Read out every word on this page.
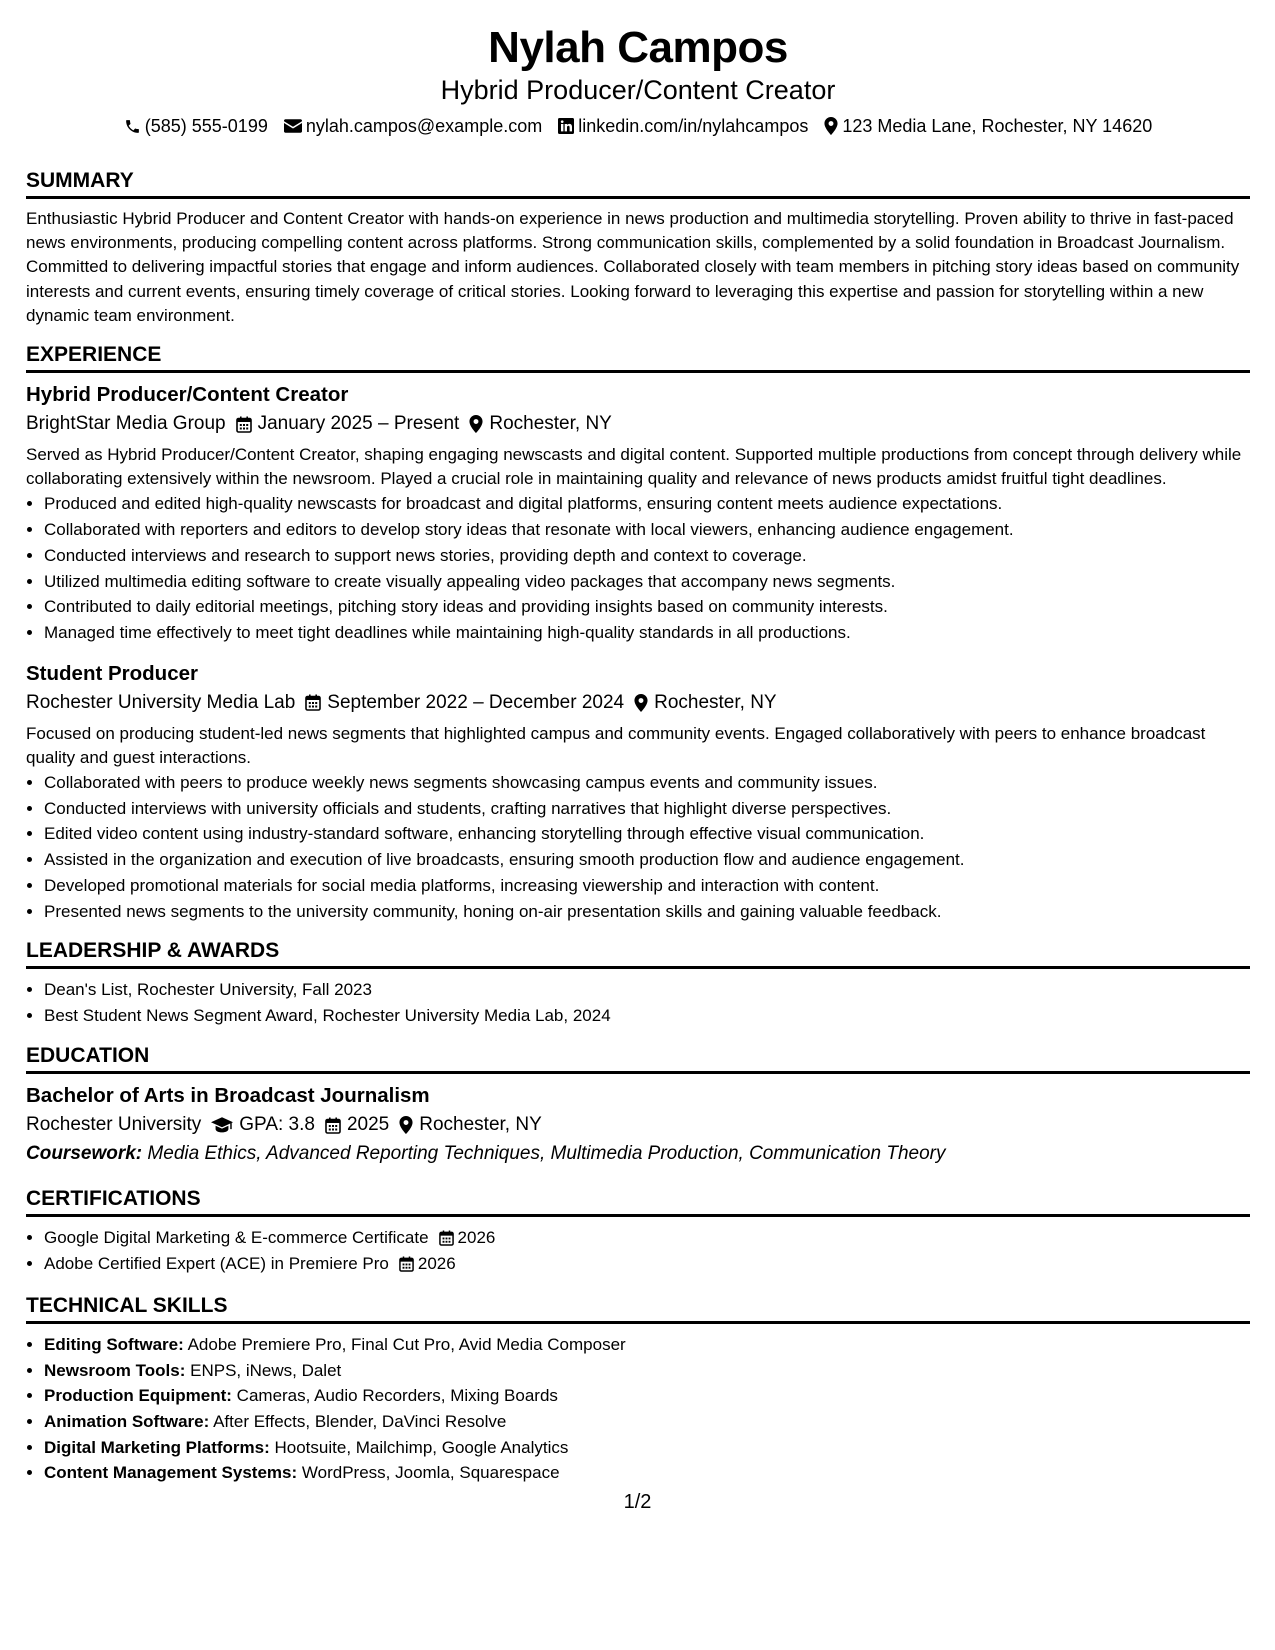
Nylah Campos
Hybrid Producer/Content Creator
(585) 555-0199 nylah.campos@example.com linkedin.com/in/nylahcampos 123 Media Lane, Rochester, NY 14620
SUMMARY
Enthusiastic Hybrid Producer and Content Creator with hands-on experience in news production and multimedia storytelling. Proven ability to thrive in fast-paced news environments, producing compelling content across platforms. Strong communication skills, complemented by a solid foundation in Broadcast Journalism. Committed to delivering impactful stories that engage and inform audiences. Collaborated closely with team members in pitching story ideas based on community interests and current events, ensuring timely coverage of critical stories. Looking forward to leveraging this expertise and passion for storytelling within a new dynamic team environment.
EXPERIENCE
Hybrid Producer/Content Creator
BrightStar Media Group January 2025 – Present Rochester, NY
Served as Hybrid Producer/Content Creator, shaping engaging newscasts and digital content. Supported multiple productions from concept through delivery while collaborating extensively within the newsroom. Played a crucial role in maintaining quality and relevance of news products amidst fruitful tight deadlines.
• Produced and edited high-quality newscasts for broadcast and digital platforms, ensuring content meets audience expectations.
• Collaborated with reporters and editors to develop story ideas that resonate with local viewers, enhancing audience engagement.
• Conducted interviews and research to support news stories, providing depth and context to coverage.
• Utilized multimedia editing software to create visually appealing video packages that accompany news segments.
• Contributed to daily editorial meetings, pitching story ideas and providing insights based on community interests.
• Managed time effectively to meet tight deadlines while maintaining high-quality standards in all productions.
Student Producer
Rochester University Media Lab September 2022 – December 2024 Rochester, NY
Focused on producing student-led news segments that highlighted campus and community events. Engaged collaboratively with peers to enhance broadcast quality and guest interactions.
• Collaborated with peers to produce weekly news segments showcasing campus events and community issues.
• Conducted interviews with university officials and students, crafting narratives that highlight diverse perspectives.
• Edited video content using industry-standard software, enhancing storytelling through effective visual communication.
• Assisted in the organization and execution of live broadcasts, ensuring smooth production flow and audience engagement.
• Developed promotional materials for social media platforms, increasing viewership and interaction with content.
• Presented news segments to the university community, honing on-air presentation skills and gaining valuable feedback.
LEADERSHIP & AWARDS
• Dean's List, Rochester University, Fall 2023
• Best Student News Segment Award, Rochester University Media Lab, 2024
EDUCATION
Bachelor of Arts in Broadcast Journalism
Rochester University GPA: 3.8 2025 Rochester, NY
Coursework: Media Ethics, Advanced Reporting Techniques, Multimedia Production, Communication Theory
CERTIFICATIONS
• Google Digital Marketing & E-commerce Certificate 2026
• Adobe Certified Expert (ACE) in Premiere Pro 2026
TECHNICAL SKILLS
• Editing Software: Adobe Premiere Pro, Final Cut Pro, Avid Media Composer
• Newsroom Tools: ENPS, iNews, Dalet
• Production Equipment: Cameras, Audio Recorders, Mixing Boards
• Animation Software: After Effects, Blender, DaVinci Resolve
• Digital Marketing Platforms: Hootsuite, Mailchimp, Google Analytics
• Content Management Systems: WordPress, Joomla, Squarespace
1/2
